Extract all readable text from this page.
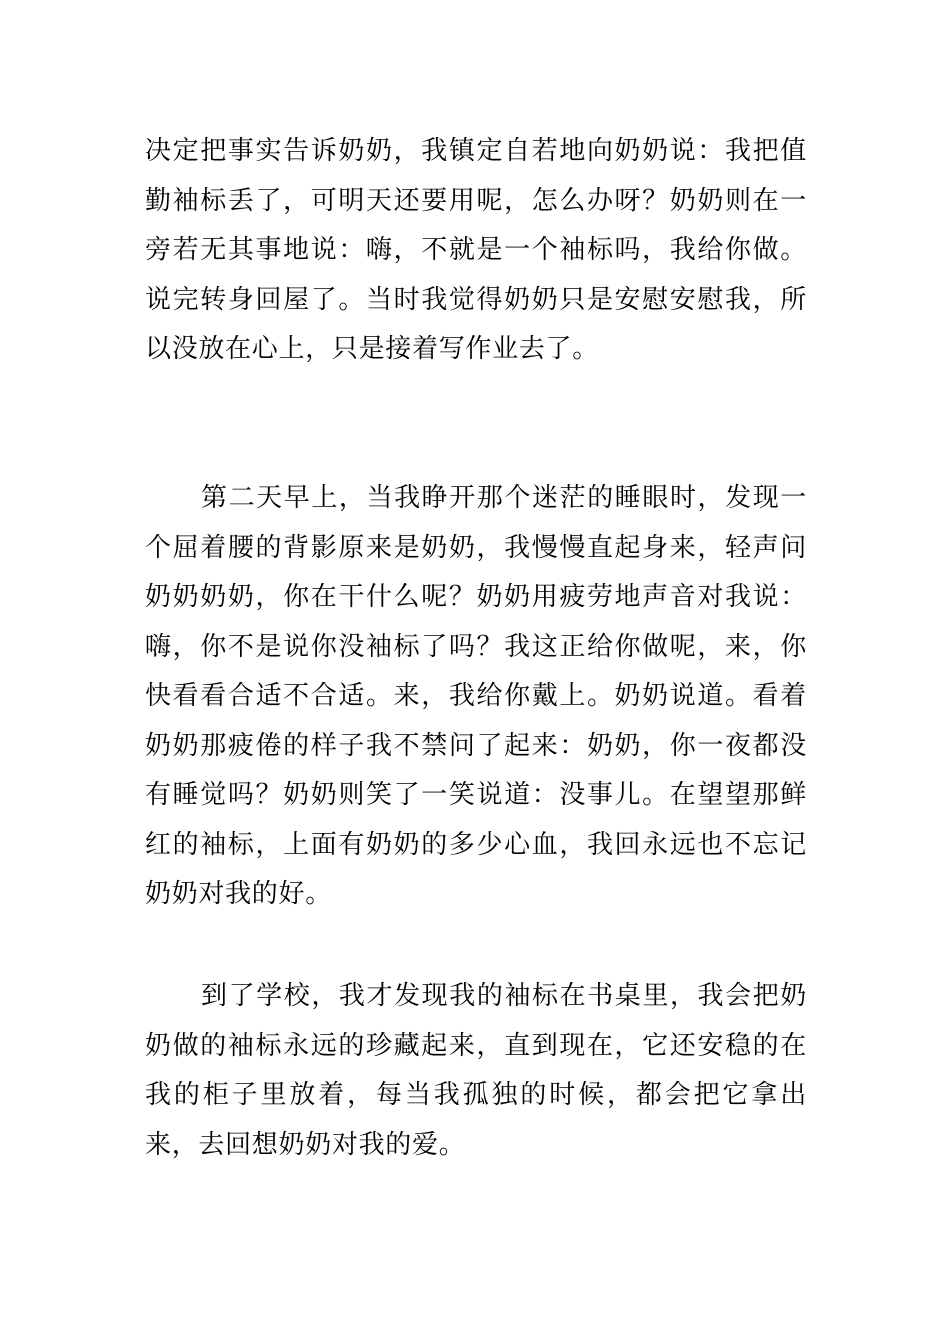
决定把事实告诉奶奶，我镇定自若地向奶奶说：我把值勤袖标丢了，可明天还要用呢，怎么办呀？奶奶则在一旁若无其事地说：嗨，不就是一个袖标吗，我给你做。说完转身回屋了。当时我觉得奶奶只是安慰安慰我，所以没放在心上，只是接着写作业去了。

第二天早上，当我睁开那个迷茫的睡眼时，发现一个屈着腰的背影原来是奶奶，我慢慢直起身来，轻声问奶奶奶奶，你在干什么呢？奶奶用疲劳地声音对我说：嗨，你不是说你没袖标了吗？我这正给你做呢，来，你快看看合适不合适。来，我给你戴上。奶奶说道。看着奶奶那疲倦的样子我不禁问了起来：奶奶，你一夜都没有睡觉吗？奶奶则笑了一笑说道：没事儿。在望望那鲜红的袖标，上面有奶奶的多少心血，我回永远也不忘记奶奶对我的好。

到了学校，我才发现我的袖标在书桌里，我会把奶奶做的袖标永远的珍藏起来，直到现在，它还安稳的在我的柜子里放着，每当我孤独的时候，都会把它拿出来，去回想奶奶对我的爱。
